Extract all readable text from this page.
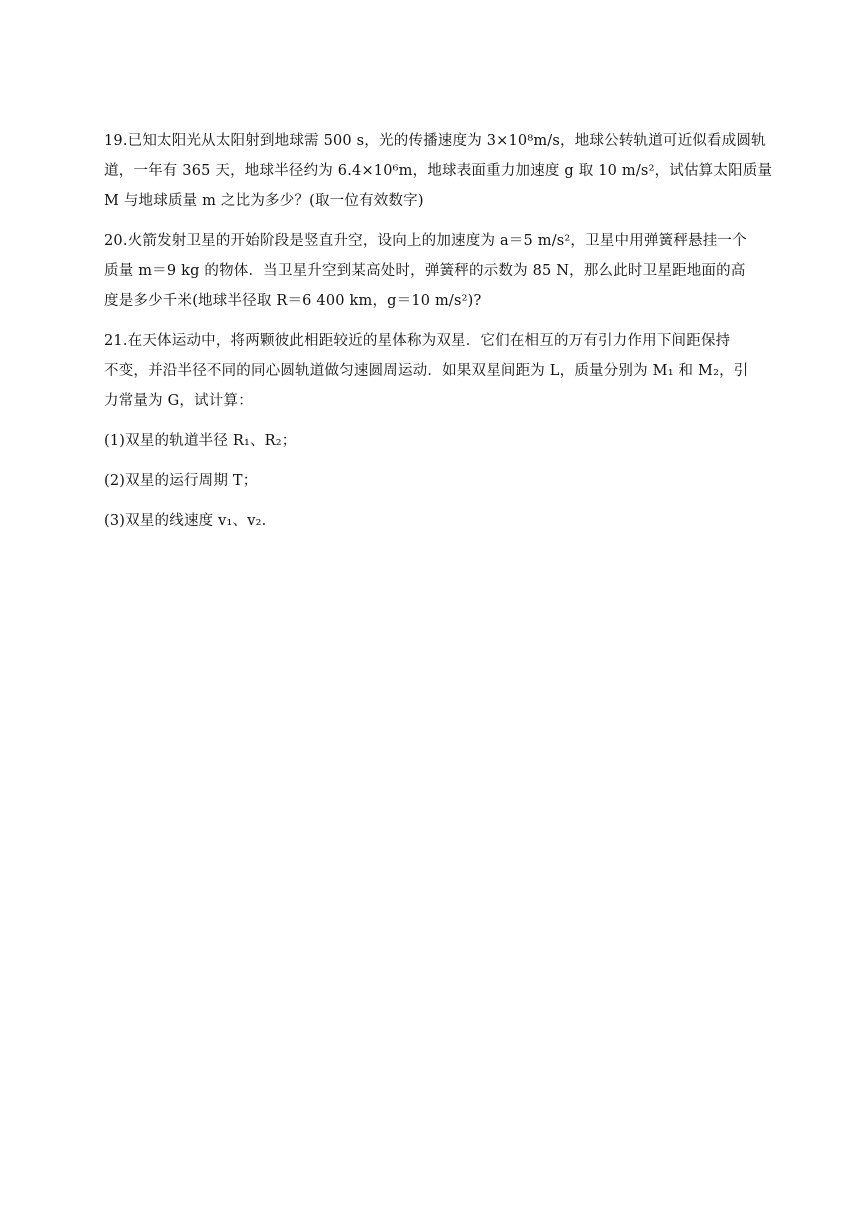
19.已知太阳光从太阳射到地球需 500 s，光的传播速度为 3×10⁸m/s，地球公转轨道可近似看成圆轨
道，一年有 365 天，地球半径约为 6.4×10⁶m，地球表面重力加速度 g 取 10 m/s²，试估算太阳质量
M 与地球质量 m 之比为多少？(取一位有效数字)
20.火箭发射卫星的开始阶段是竖直升空，设向上的加速度为 a＝5 m/s²，卫星中用弹簧秤悬挂一个
质量 m＝9 kg 的物体．当卫星升空到某高处时，弹簧秤的示数为 85 N，那么此时卫星距地面的高
度是多少千米(地球半径取 R＝6 400 km，g＝10 m/s²)?
21.在天体运动中，将两颗彼此相距较近的星体称为双星．它们在相互的万有引力作用下间距保持
不变，并沿半径不同的同心圆轨道做匀速圆周运动．如果双星间距为 L，质量分别为 M₁ 和 M₂，引
力常量为 G，试计算：
(1)双星的轨道半径 R₁、R₂；
(2)双星的运行周期 T；
(3)双星的线速度 v₁、v₂.
